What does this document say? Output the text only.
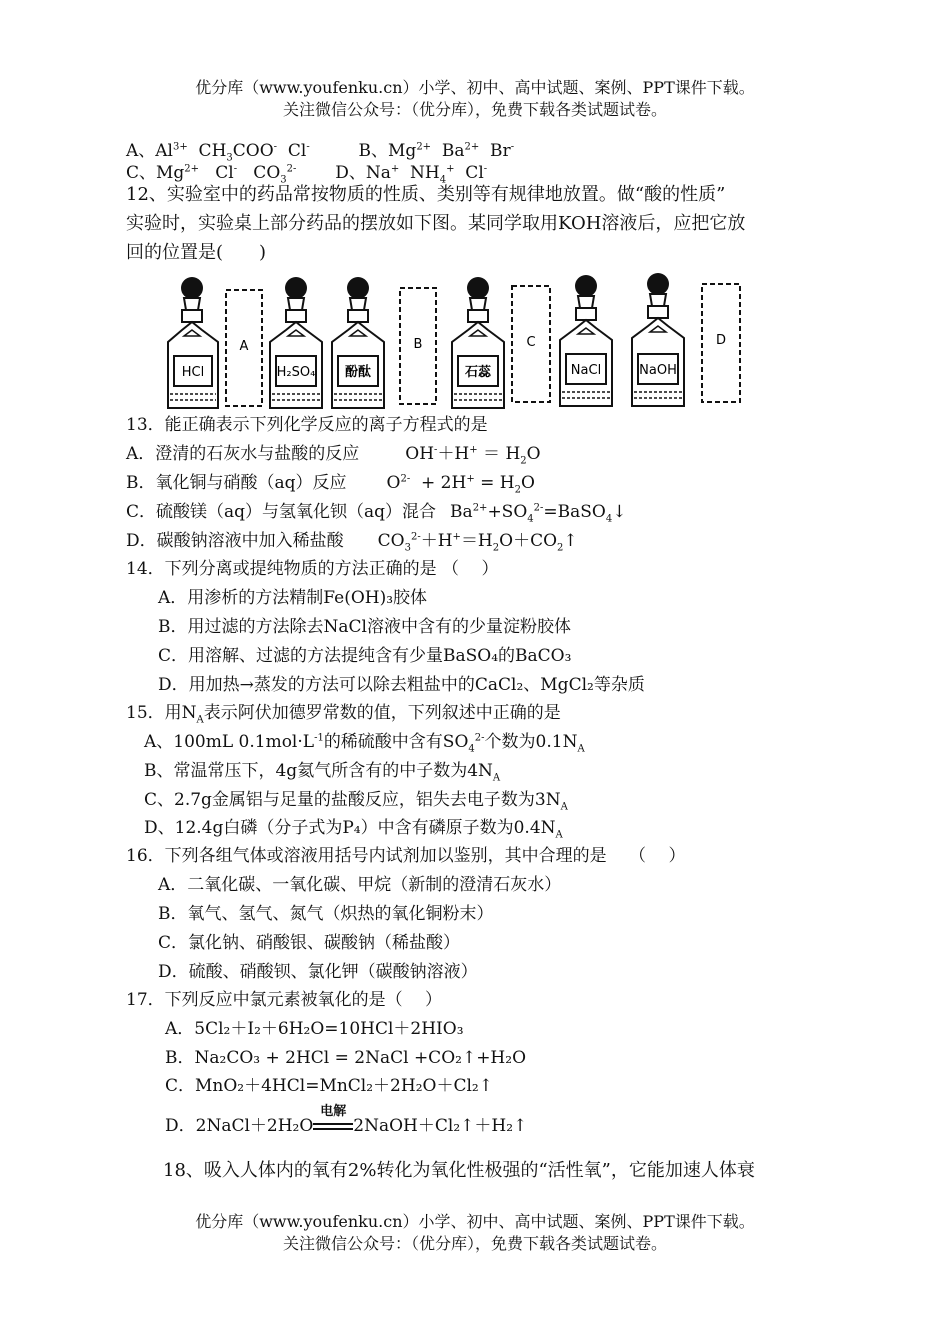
优分库（www.youfenku.cn）小学、初中、高中试题、案例、PPT课件下载。
关注微信公众号：（优分库），免费下载各类试题试卷。
A、$Al^{3+}$  $CH_3COO^-$  Cl-	B、$Mg^{2+}$  $Ba^{2+}$  Br-
C、$Mg^{2+}$   Cl-   $CO_3^{2-}$ D、Na+  $NH_4^+$  Cl-
12、实验室中的药品常按物质的性质、类别等有规律地放置。做“酸的性质”
实验时，实验桌上部分药品的摆放如下图。某同学取用KOH溶液后，应把它放
回的位置是(　　)
HCl
A
H₂SO₄ 酚酞
B
石蕊
C
NaCl	NaOH
D
13．能正确表示下列化学反应的离子方程式的是
A．澄清的石灰水与盐酸的反应	$OH^-+H^+ = H_2O$
B．氧化铜与硝酸（aq）反应 $O^{2-} + 2H^+ = H_2O$
C．硫酸镁（aq）与氢氧化钡（aq）混合 $Ba^{2+}+SO_4^{2-}=BaSO_4↓$
D．碳酸钠溶液中加入稀盐酸 $CO_3^{2-}+H^+=H_2O+CO_2↑$
14．下列分离或提纯物质的方法正确的是 （　 ）
A．用渗析的方法精制Fe(OH)₃胶体
B．用过滤的方法除去NaCl溶液中含有的少量淀粉胶体
C．用溶解、过滤的方法提纯含有少量BaSO₄的BaCO₃
D．用加热→蒸发的方法可以除去粗盐中的CaCl₂、MgCl₂等杂质
15．用$N_A$表示阿伏加德罗常数的值，下列叙述中正确的是
A、100mL $0.1mol\cdot L^{-1}$的稀硫酸中含有$SO_4^{2-}$个数为$0.1N_A$
B、常温常压下，4g氦气所含有的中子数为$4N_A$
C、2.7g金属铝与足量的盐酸反应，铝失去电子数为$3N_A$
D、12.4g白磷（分子式为P₄）中含有磷原子数为$0.4N_A$
16．下列各组气体或溶液用括号内试剂加以鉴别，其中合理的是　 （　 ）
A．二氧化碳、一氧化碳、甲烷（新制的澄清石灰水）
B．氧气、氢气、氮气（炽热的氧化铜粉末）
C．氯化钠、硝酸银、碳酸钠（稀盐酸）
D．硫酸、硝酸钡、氯化钾（碳酸钠溶液）
17．下列反应中氯元素被氧化的是（　 ）
A．5Cl₂＋I₂＋6H₂O=10HCl＋2HIO₃
B．Na₂CO₃ + 2HCl = 2NaCl +CO₂↑+H₂O
C．MnO₂＋4HCl=MnCl₂＋2H₂O＋Cl₂↑
D．2NaCl＋2H₂O
电解
2NaOH＋Cl₂↑＋H₂↑
18、吸入人体内的氧有2%转化为氧化性极强的“活性氧”，它能加速人体衰
优分库（www.youfenku.cn）小学、初中、高中试题、案例、PPT课件下载。
关注微信公众号：（优分库），免费下载各类试题试卷。
